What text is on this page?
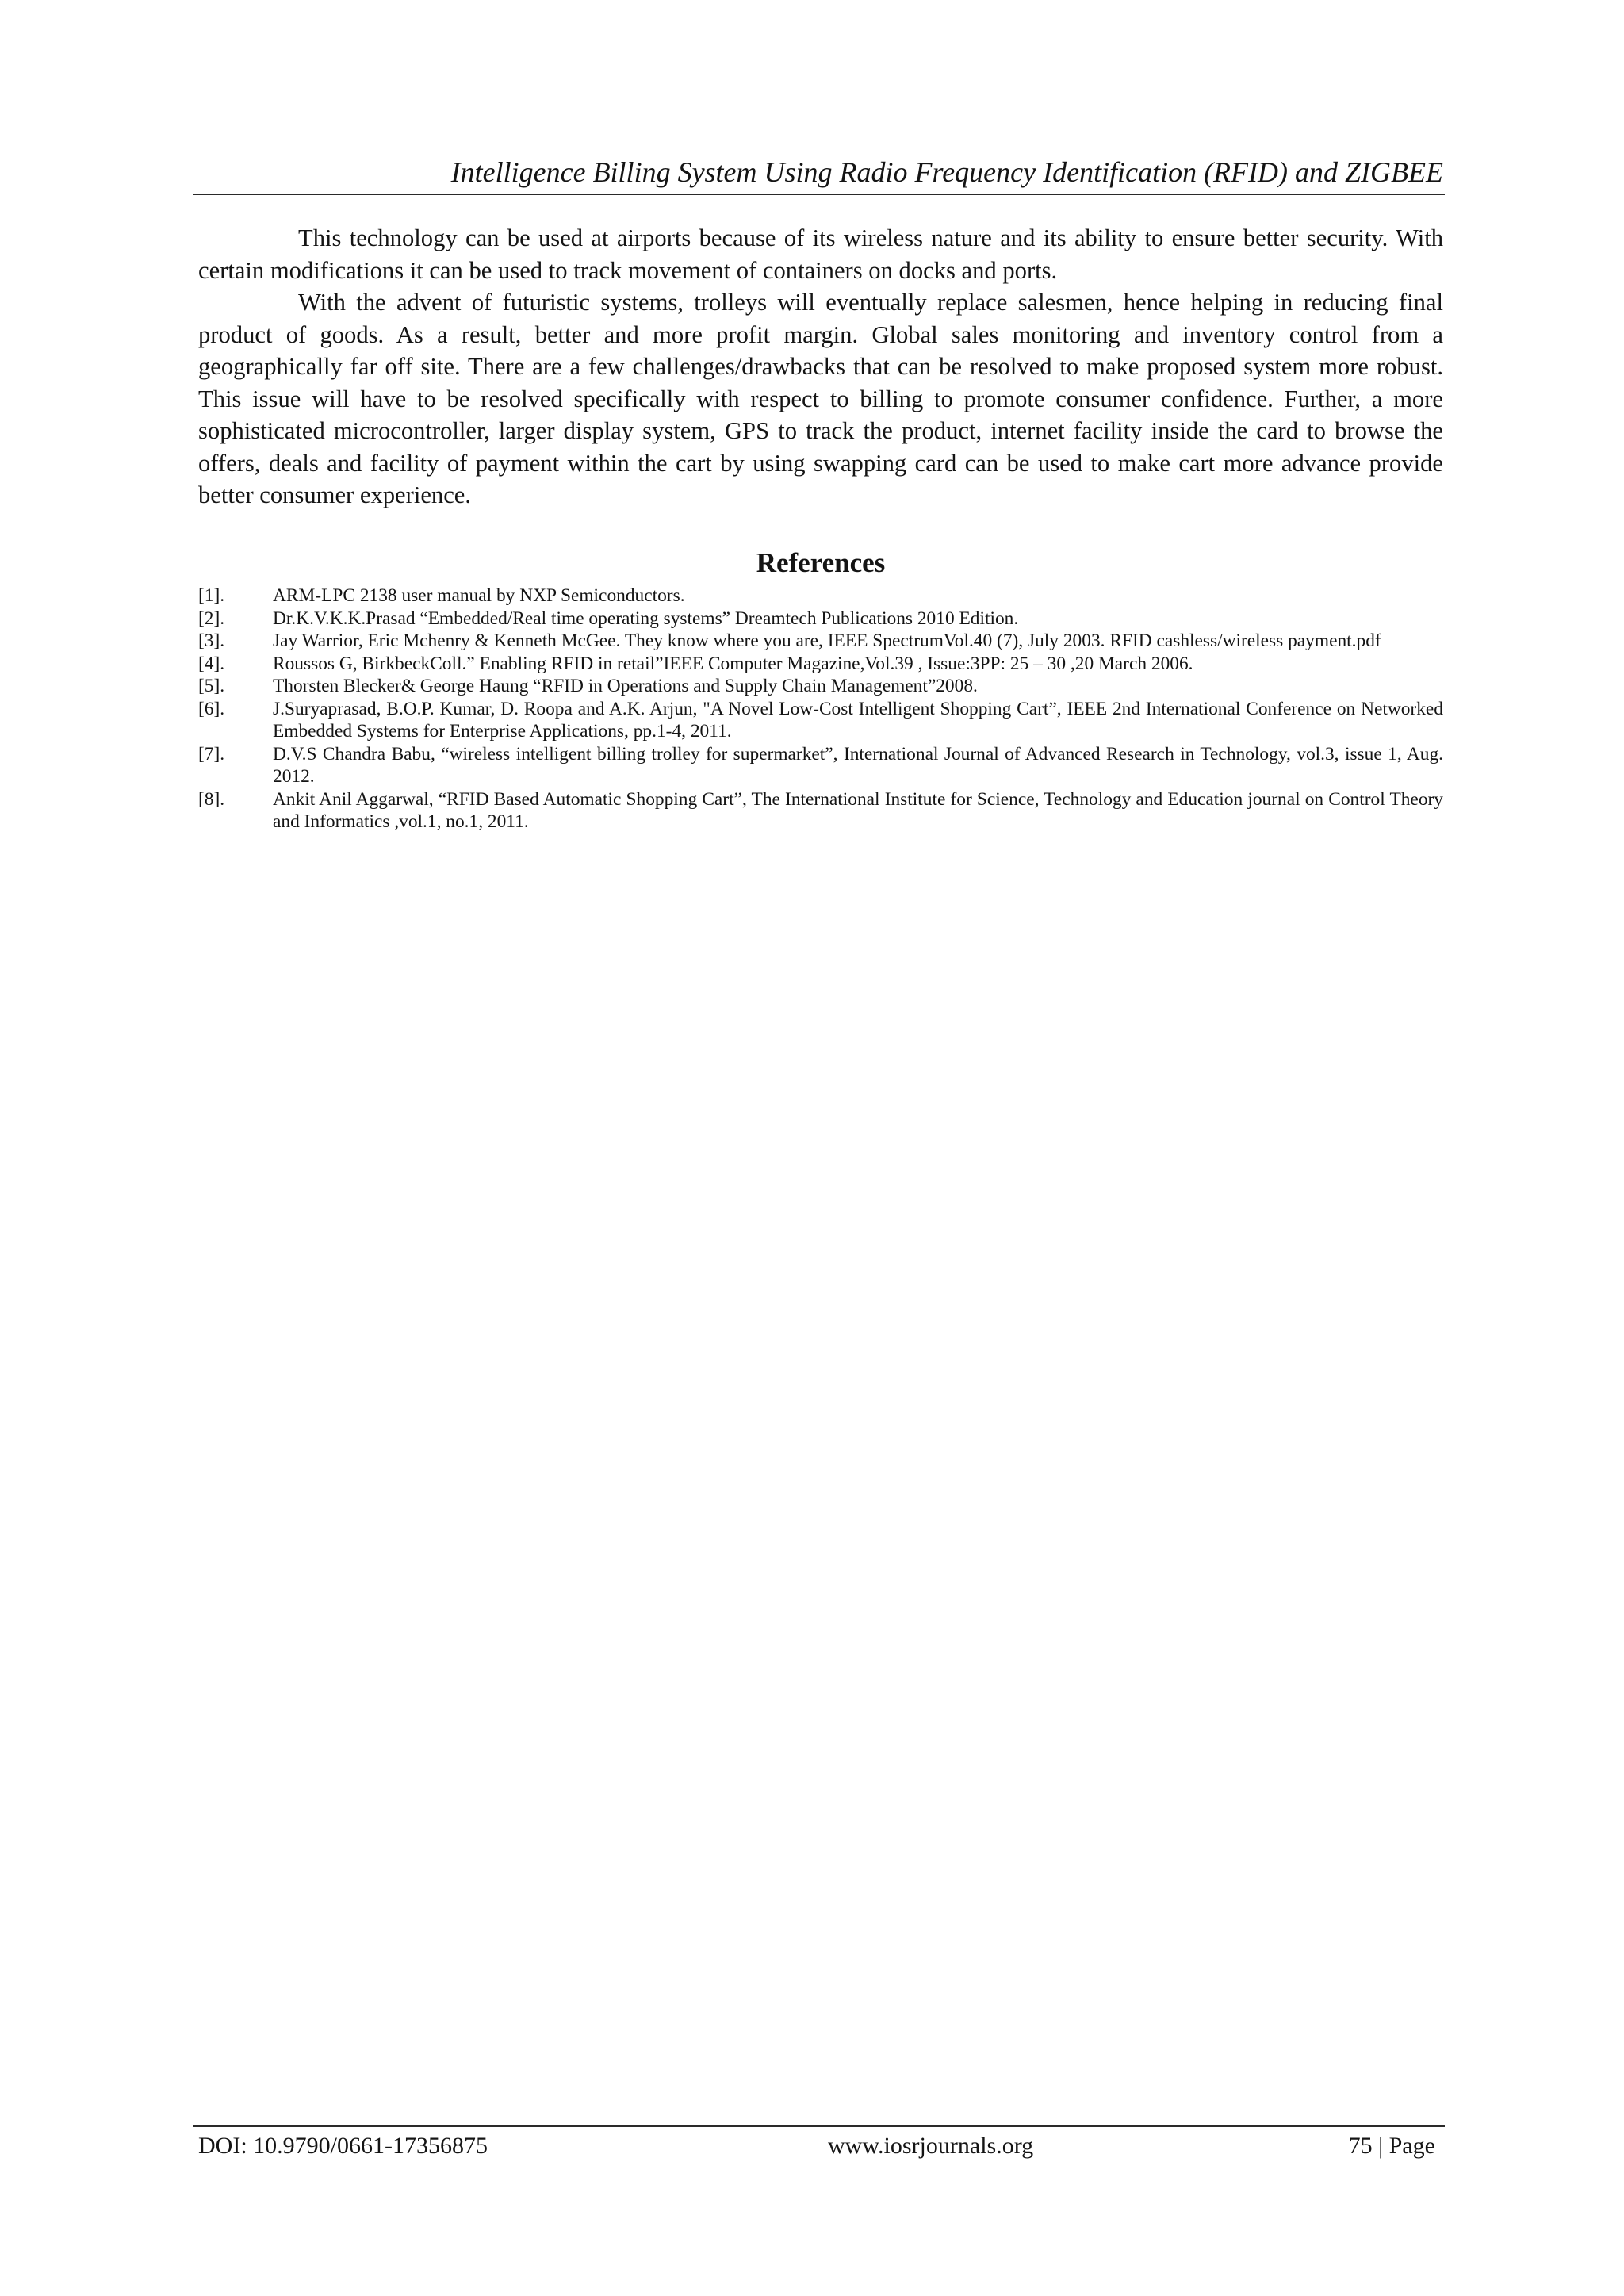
Intelligence Billing System Using Radio Frequency Identification (RFID) and ZIGBEE

This technology can be used at airports because of its wireless nature and its ability to ensure better security. With certain modifications it can be used to track movement of containers on docks and ports.

With the advent of futuristic systems, trolleys will eventually replace salesmen, hence helping in reducing final product of goods. As a result, better and more profit margin. Global sales monitoring and inventory control from a geographically far off site. There are a few challenges/drawbacks that can be resolved to make proposed system more robust. This issue will have to be resolved specifically with respect to billing to promote consumer confidence. Further, a more sophisticated microcontroller, larger display system, GPS to track the product, internet facility inside the card to browse the offers, deals and facility of payment within the cart by using swapping card can be used to make cart more advance provide better consumer experience.

References
[1].	ARM-LPC 2138 user manual by NXP Semiconductors.
[2].	Dr.K.V.K.K.Prasad “Embedded/Real time operating systems” Dreamtech Publications 2010 Edition.
[3].	Jay Warrior, Eric Mchenry & Kenneth McGee. They know where you are, IEEE SpectrumVol.40 (7), July 2003. RFID cashless/wireless payment.pdf
[4].	Roussos G, BirkbeckColl.” Enabling RFID in retail”IEEE Computer Magazine,Vol.39 , Issue:3PP: 25 – 30 ,20 March 2006.
[5].	Thorsten Blecker& George Haung “RFID in Operations and Supply Chain Management”2008.
[6].	J.Suryaprasad, B.O.P. Kumar, D. Roopa and A.K. Arjun, "A Novel Low-Cost Intelligent Shopping Cart”, IEEE 2nd International Conference on Networked Embedded Systems for Enterprise Applications, pp.1-4, 2011.
[7].	D.V.S Chandra Babu, “wireless intelligent billing trolley for supermarket”, International Journal of Advanced Research in Technology, vol.3, issue 1, Aug. 2012.
[8].	Ankit Anil Aggarwal, “RFID Based Automatic Shopping Cart”, The International Institute for Science, Technology and Education journal on Control Theory and Informatics ,vol.1, no.1, 2011.
DOI: 10.9790/0661-17356875	www.iosrjournals.org	75 | Page
